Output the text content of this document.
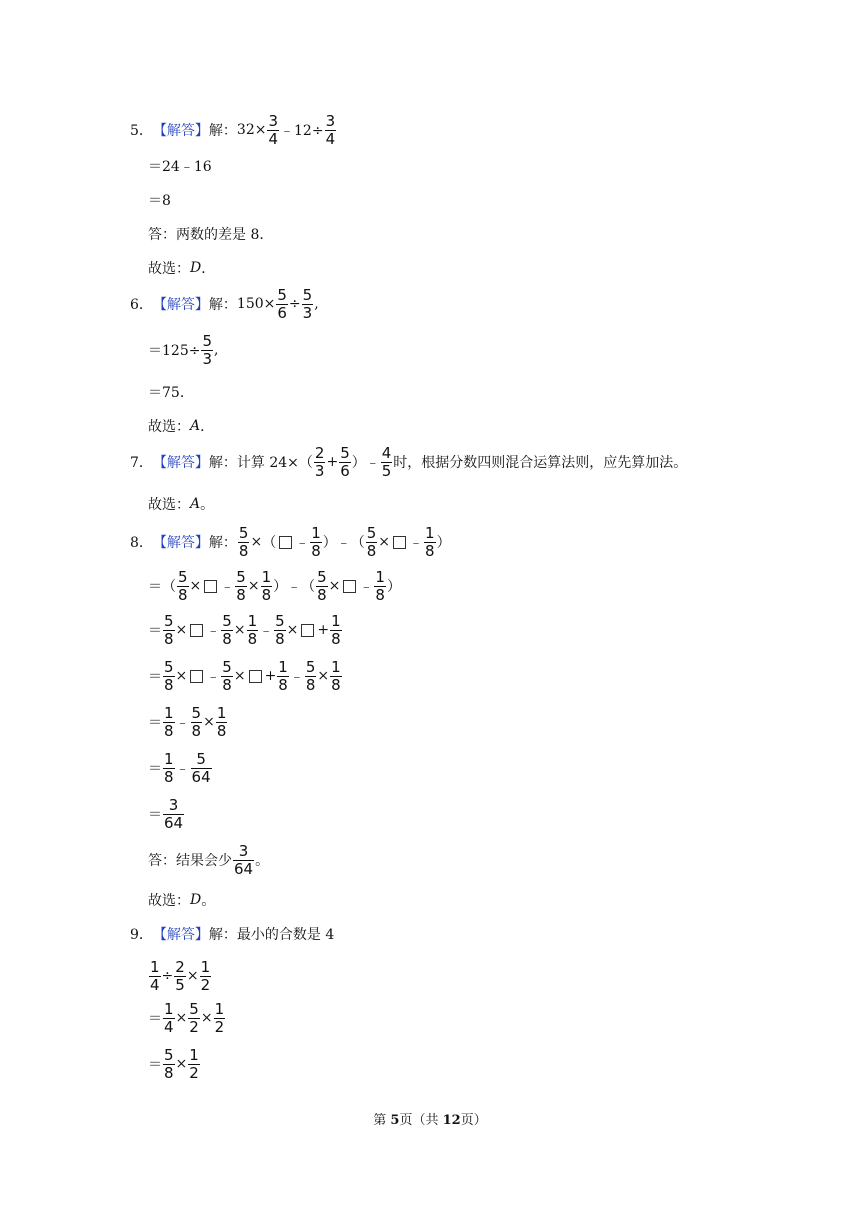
5． 【解答】 解： $32\times \frac{3}{4}$ ﹣12÷ $\frac{3}{4}$
＝24﹣16
＝8
答：两数的差是 8．
故选： D ．
6． 【解答】 解： $150\times \frac{5}{6} \div \frac{5}{3}$ ,
$=125\div \frac{5}{3}$ ,
＝75．
故选： A ．
7． 【解答】 解： 计算 $24\times( \frac{2}{3} + \frac{5}{6}$ ）﹣ $\frac{4}{5}$ 时，根据分数四则混合运算法则，应先算加法。
故选： A 。
8． 【解答】 解： $\frac{5}{8}$ × （ ﹣ $\frac{1}{8}$ ） ﹣ （ $\frac{5}{8}$ × ﹣ $\frac{1}{8}$ ）
＝ （ $\frac{5}{8}$ × ﹣ $\frac{5}{8} \times \frac{1}{8}$ ） ﹣ （ $\frac{5}{8}$ × ﹣ $\frac{1}{8}$ ）
＝ $\frac{5}{8}$ × ﹣ $\frac{5}{8} \times \frac{1}{8}$ ﹣ $\frac{5}{8}$ × + $\frac{1}{8}$
＝ $\frac{5}{8}$ × ﹣ $\frac{5}{8}$ × + $\frac{1}{8}$ ﹣ $\frac{5}{8} \times \frac{1}{8}$
＝ $\frac{1}{8}$ ﹣ $\frac{5}{8} \times \frac{1}{8}$
＝ $\frac{1}{8}$ ﹣ $\frac{5}{64}$
＝ $\frac{3}{64}$
答：结果会少 $\frac{3}{64}$ 。
故选： D 。
9． 【解答】 解： 最小的合数是 4
$\frac{1}{4} \div \frac{2}{5} \times \frac{1}{2}$
＝ $\frac{1}{4} \times \frac{5}{2} \times \frac{1}{2}$
＝ $\frac{5}{8} \times \frac{1}{2}$
第 5页（共 12页）
